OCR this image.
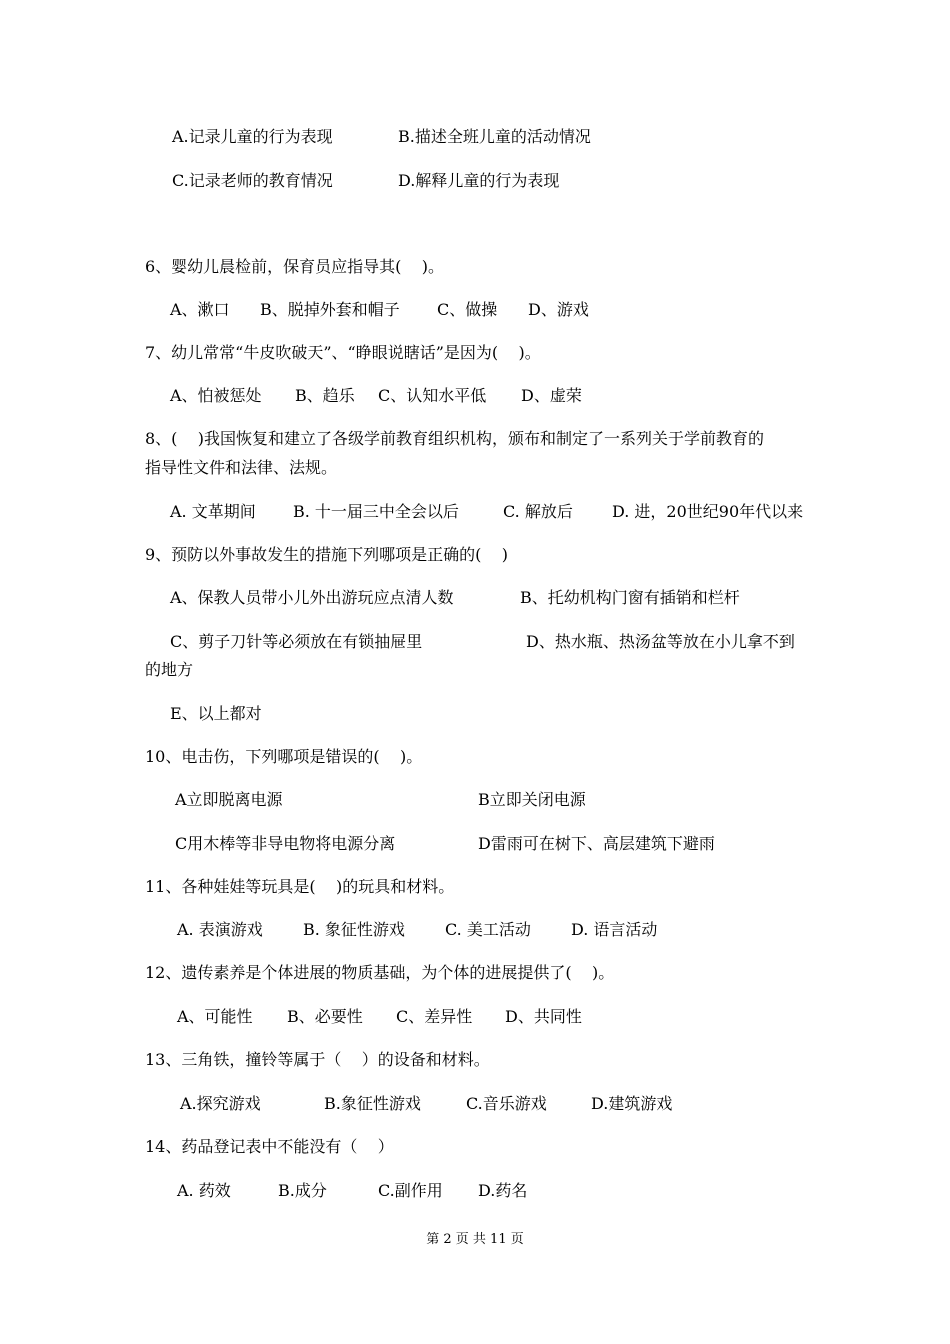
A.记录儿童的行为表现	B.描述全班儿童的活动情况
C.记录老师的教育情况	D.解释儿童的行为表现
6、婴幼儿晨检前，保育员应指导其(    )。
A、漱口 B、脱掉外套和帽子 C、做操 D、游戏
7、幼儿常常“牛皮吹破天”、“睁眼说瞎话”是因为(    )。
A、怕被惩处 B、趋乐 C、认知水平低 D、虚荣
8、(    )我国恢复和建立了各级学前教育组织机构，颁布和制定了一系列关于学前教育的
指导性文件和法律、法规。
A. 文革期间 B. 十一届三中全会以后	C. 解放后 D. 进，20世纪90年代以来
9、预防以外事故发生的措施下列哪项是正确的(    )
A、保教人员带小儿外出游玩应点清人数	B、托幼机构门窗有插销和栏杆
C、剪子刀针等必须放在有锁抽屉里	D、热水瓶、热汤盆等放在小儿拿不到
的地方
E、以上都对
10、电击伤，下列哪项是错误的(    )。
A立即脱离电源	B立即关闭电源
C用木棒等非导电物将电源分离	D雷雨可在树下、高层建筑下避雨
11、各种娃娃等玩具是(    )的玩具和材料。
A. 表演游戏	B. 象征性游戏	C. 美工活动	D. 语言活动
12、遗传素养是个体进展的物质基础，为个体的进展提供了(    )。
A、可能性 B、必要性 C、差异性 D、共同性
13、三角铁，撞铃等属于（    ）的设备和材料。
A.探究游戏	B.象征性游戏	C.音乐游戏	D.建筑游戏
14、药品登记表中不能没有（    ）
A. 药效	B.成分	C.副作用 D.药名
第 2 页 共 11 页
